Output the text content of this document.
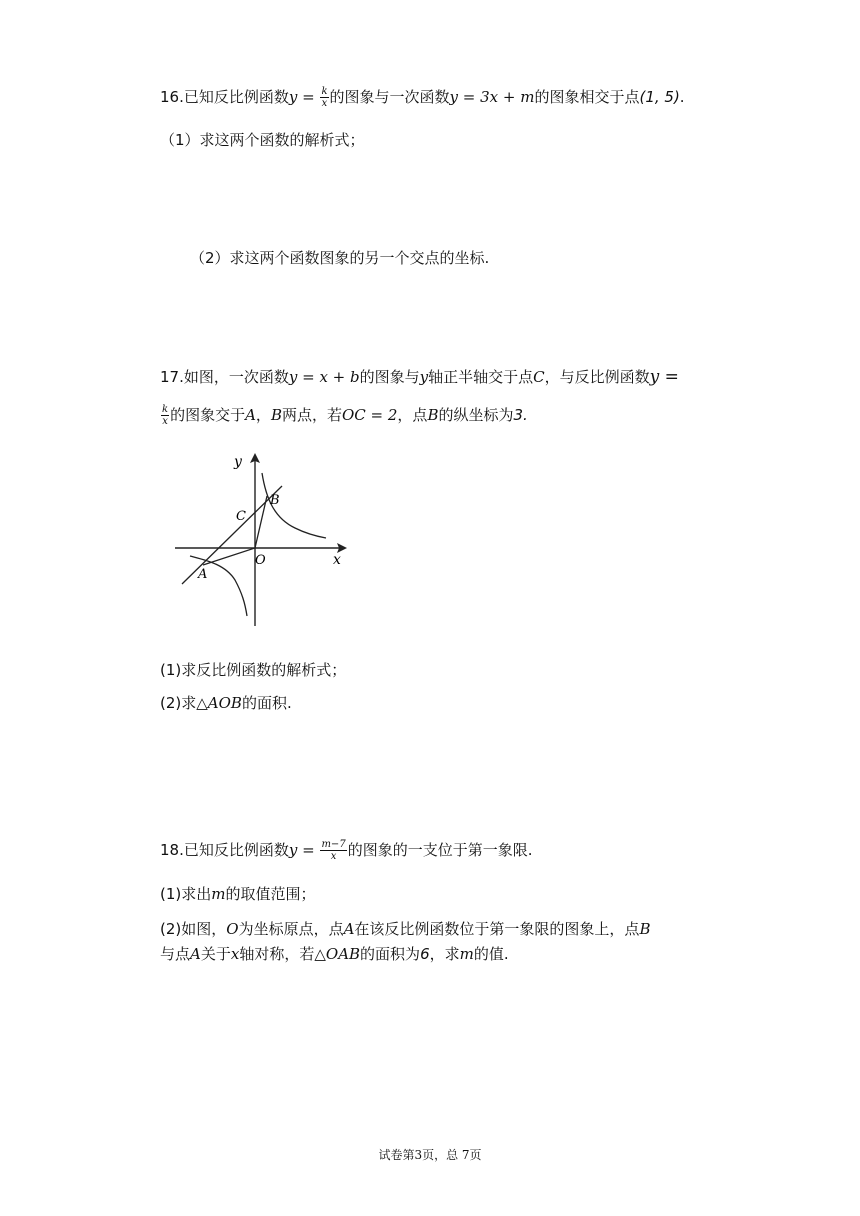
16.已知反比例函数$y = \frac{k}{x}$ 的图象与一次函数y = 3x + m的图象相交于点(1, 5).
（1）求这两个函数的解析式；
（2）求这两个函数图象的另一个交点的坐标.
17.如图，一次函数y = x + b的图象与y轴正半轴交于点C，与反比例函数y =
$\frac{k}{x}$ 的图象交于A，B两点，若OC = 2，点B的纵坐标为3.
y
x
O
A
B
C
(1)求反比例函数的解析式；
(2)求△AOB的面积.
18.已知反比例函数$y = \frac{m-7}{x}$ 的图象的一支位于第一象限.
(1)求出m的取值范围；
(2)如图，O为坐标原点，点A在该反比例函数位于第一象限的图象上，点B
与点A关于x轴对称，若△OAB的面积为6，求m的值.
试卷第3页，总 7页
